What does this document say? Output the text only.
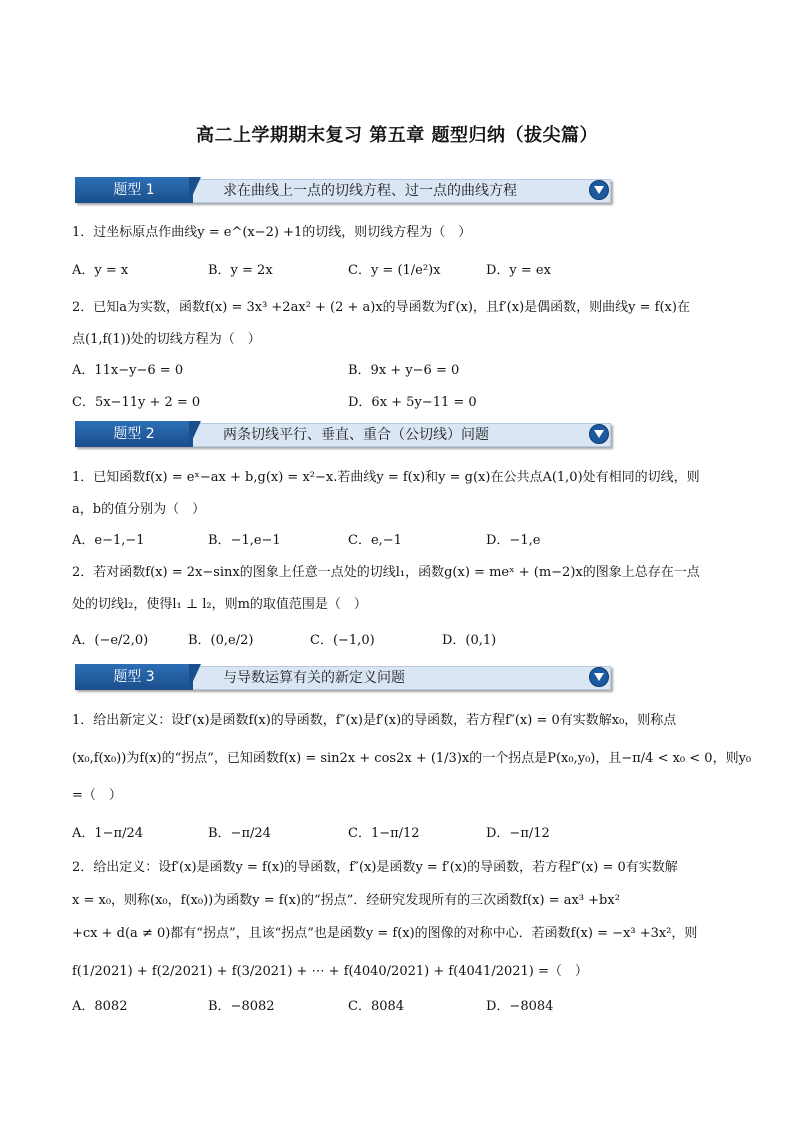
高二上学期期末复习 第五章 题型归纳（拔尖篇）
题型 1	求在曲线上一点的切线方程、过一点的曲线方程
1．过坐标原点作曲线y = e^(x−2) +1的切线，则切线方程为（　）
A．y = x	B．y = 2x	C．y = (1/e²)x	D．y = ex
2．已知a为实数，函数f(x) = 3x³ +2ax² + (2 + a)x的导函数为f′(x)，且f′(x)是偶函数，则曲线y = f(x)在
点(1,f(1))处的切线方程为（　）
A．11x−y−6 = 0	B．9x + y−6 = 0
C．5x−11y + 2 = 0	D．6x + 5y−11 = 0
题型 2	两条切线平行、垂直、重合（公切线）问题
1．已知函数f(x) = eˣ−ax + b,g(x) = x²−x.若曲线y = f(x)和y = g(x)在公共点A(1,0)处有相同的切线，则
a，b的值分别为（　）
A．e−1,−1	B．−1,e−1	C．e,−1	D．−1,e
2．若对函数f(x) = 2x−sinx的图象上任意一点处的切线l₁，函数g(x) = meˣ + (m−2)x的图象上总存在一点
处的切线l₂，使得l₁ ⊥ l₂，则m的取值范围是（　）
A．(−e/2,0)	B．(0,e/2)	C．(−1,0)	D．(0,1)
题型 3	与导数运算有关的新定义问题
1．给出新定义：设f′(x)是函数f(x)的导函数，f″(x)是f′(x)的导函数，若方程f″(x) = 0有实数解x₀，则称点
(x₀,f(x₀))为f(x)的“拐点”，已知函数f(x) = sin2x + cos2x + (1/3)x的一个拐点是P(x₀,y₀)，且−π/4 < x₀ < 0，则y₀
=（　）
A．1−π/24	B．−π/24	C．1−π/12	D．−π/12
2．给出定义：设f′(x)是函数y = f(x)的导函数，f″(x)是函数y = f′(x)的导函数，若方程f″(x) = 0有实数解
x = x₀，则称(x₀，f(x₀))为函数y = f(x)的“拐点”．经研究发现所有的三次函数f(x) = ax³ +bx²
+cx + d(a ≠ 0)都有“拐点”，且该“拐点”也是函数y = f(x)的图像的对称中心．若函数f(x) = −x³ +3x²，则
f(1/2021) + f(2/2021) + f(3/2021) + ⋯ + f(4040/2021) + f(4041/2021) =（　）
A．8082	B．−8082	C．8084	D．−8084
